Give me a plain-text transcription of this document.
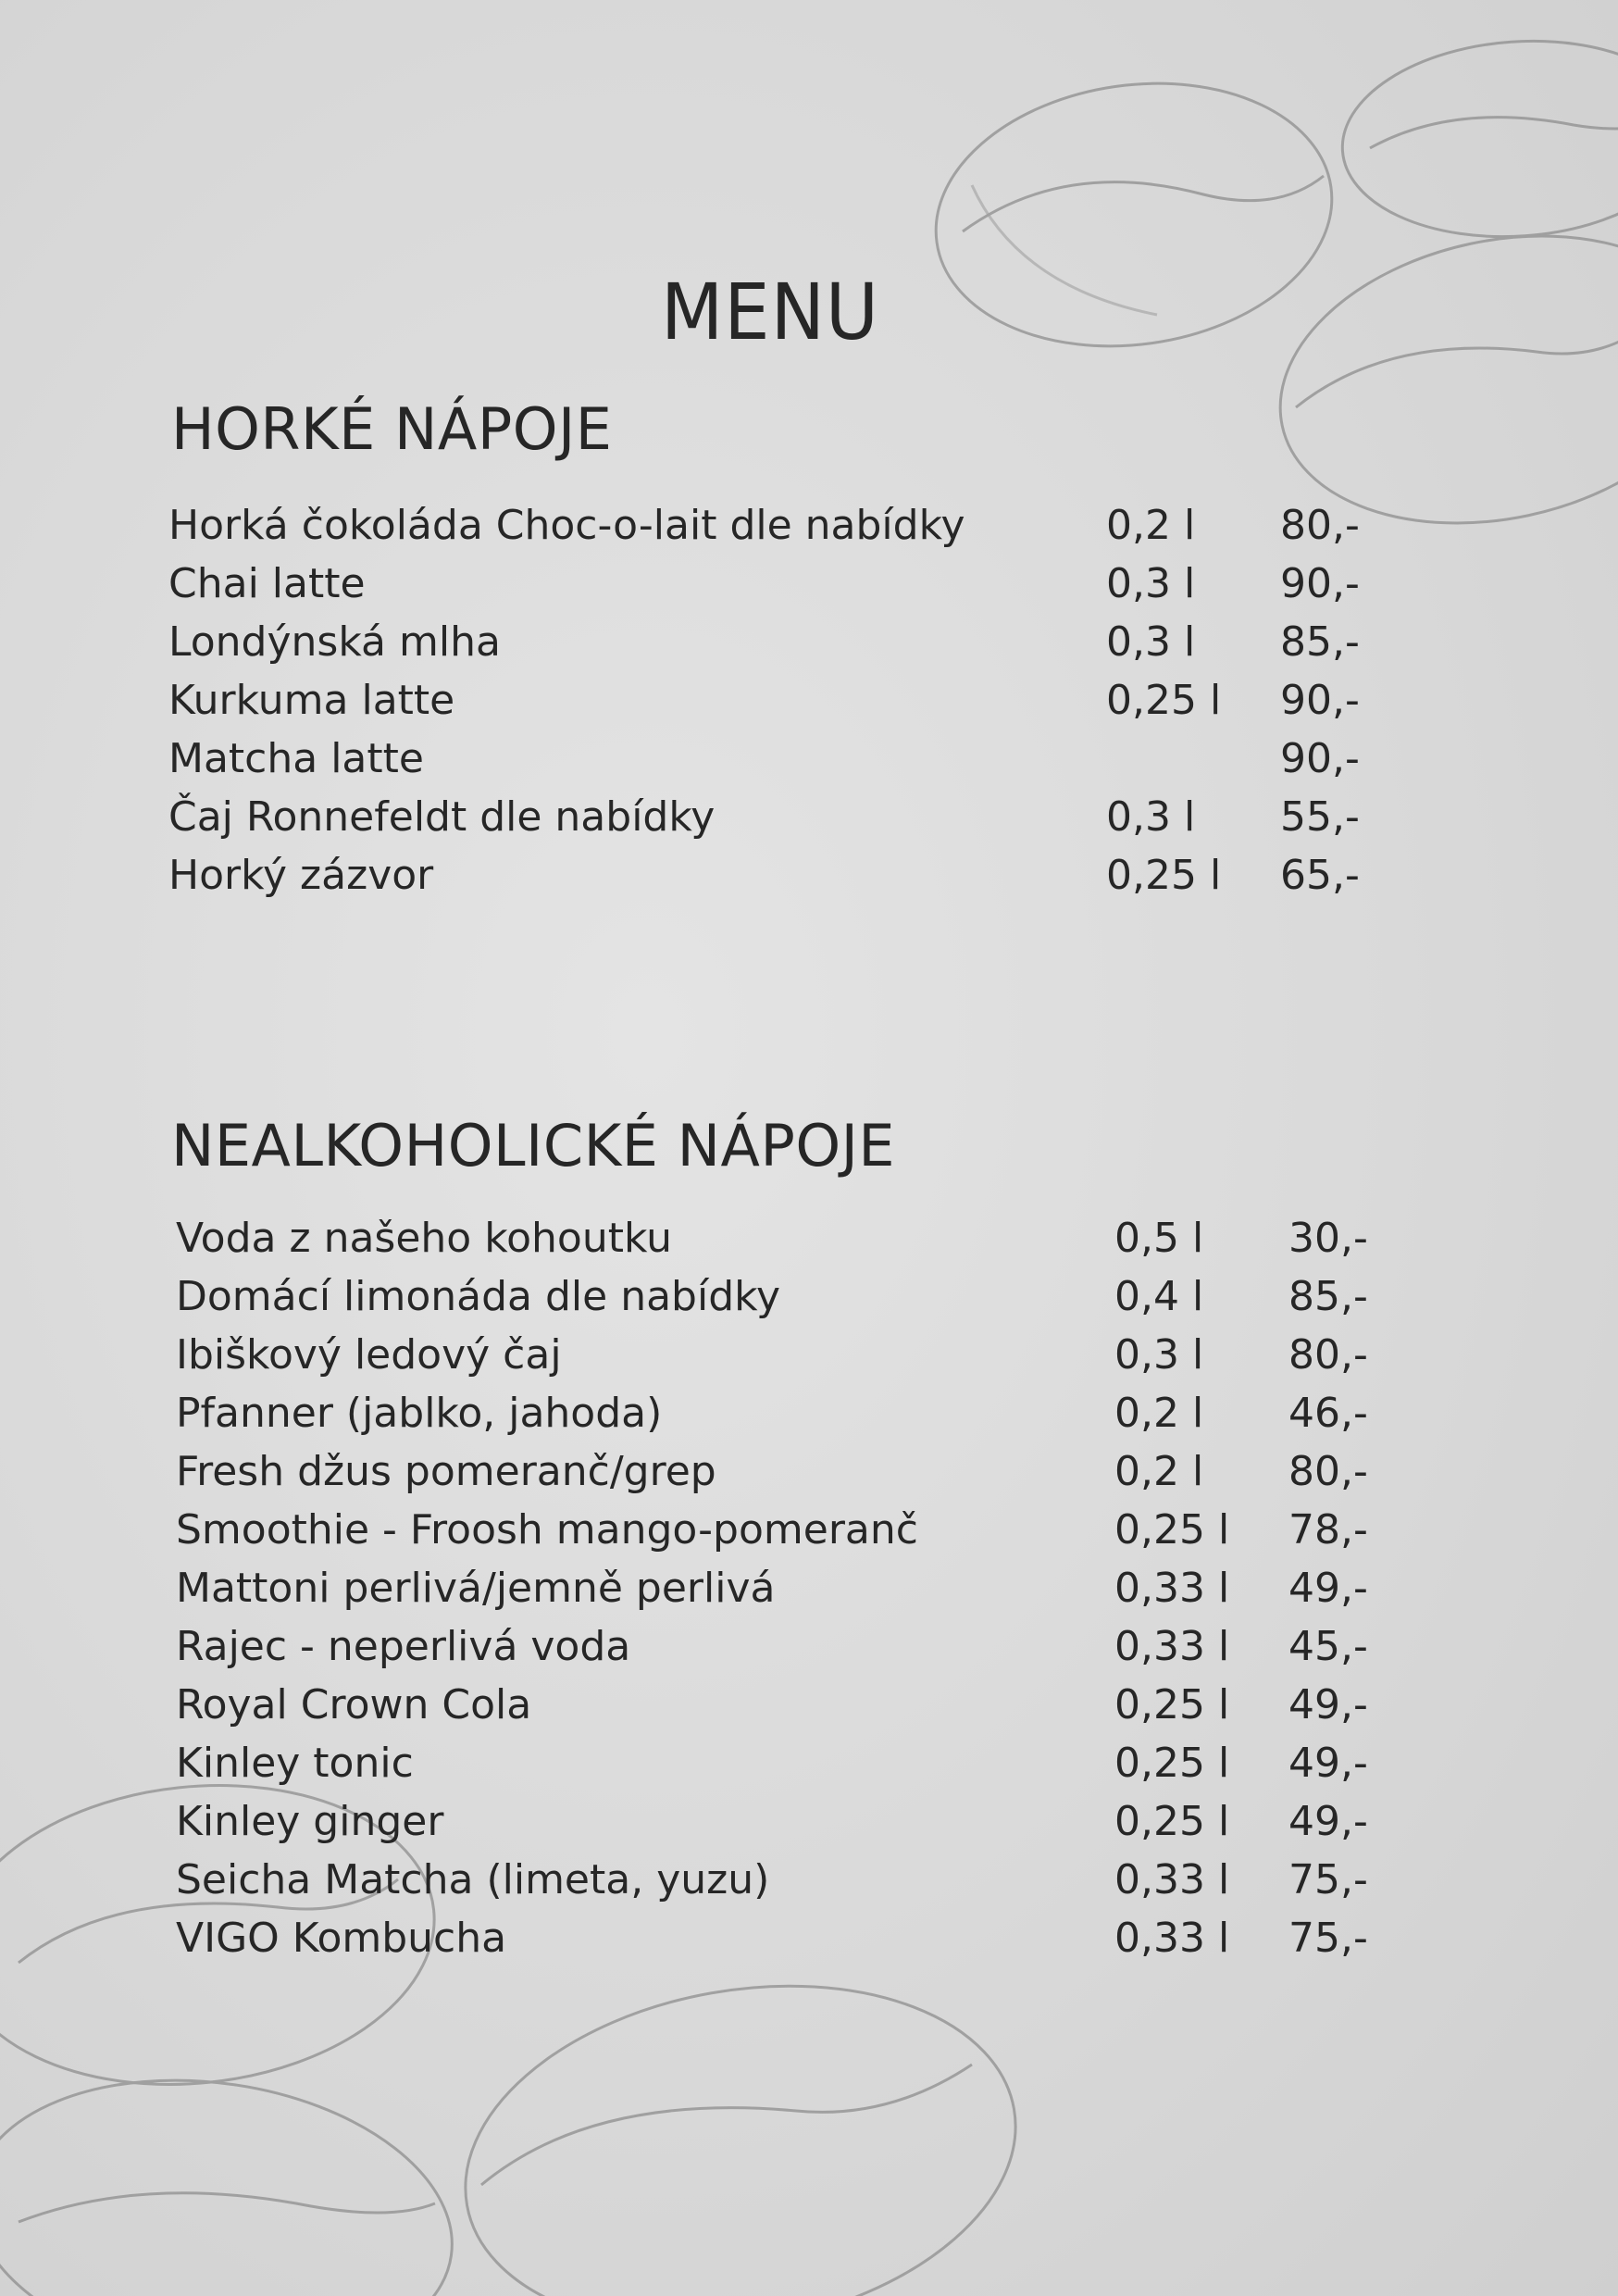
MENU
HORKÉ NÁPOJE
Horká čokoláda Choc-o-lait dle nabídky	0,2 l 80,-
Chai latte	0,3 l 90,-
Londýnská mlha	0,3 l 85,-
Kurkuma latte	0,25 l 90,-
Matcha latte	90,-
Čaj Ronnefeldt dle nabídky	0,3 l 55,-
Horký zázvor	0,25 l 65,-
NEALKOHOLICKÉ NÁPOJE
Voda z našeho kohoutku	0,5 l 30,-
Domácí limonáda dle nabídky	0,4 l 85,-
Ibiškový ledový čaj	0,3 l 80,-
Pfanner (jablko, jahoda)	0,2 l 46,-
Fresh džus pomeranč/grep	0,2 l 80,-
Smoothie - Froosh mango-pomeranč	0,25 l 78,-
Mattoni perlivá/jemně perlivá	0,33 l 49,-
Rajec - neperlivá voda	0,33 l 45,-
Royal Crown Cola	0,25 l 49,-
Kinley tonic	0,25 l 49,-
Kinley ginger	0,25 l 49,-
Seicha Matcha (limeta, yuzu)	0,33 l 75,-
VIGO Kombucha	0,33 l 75,-
